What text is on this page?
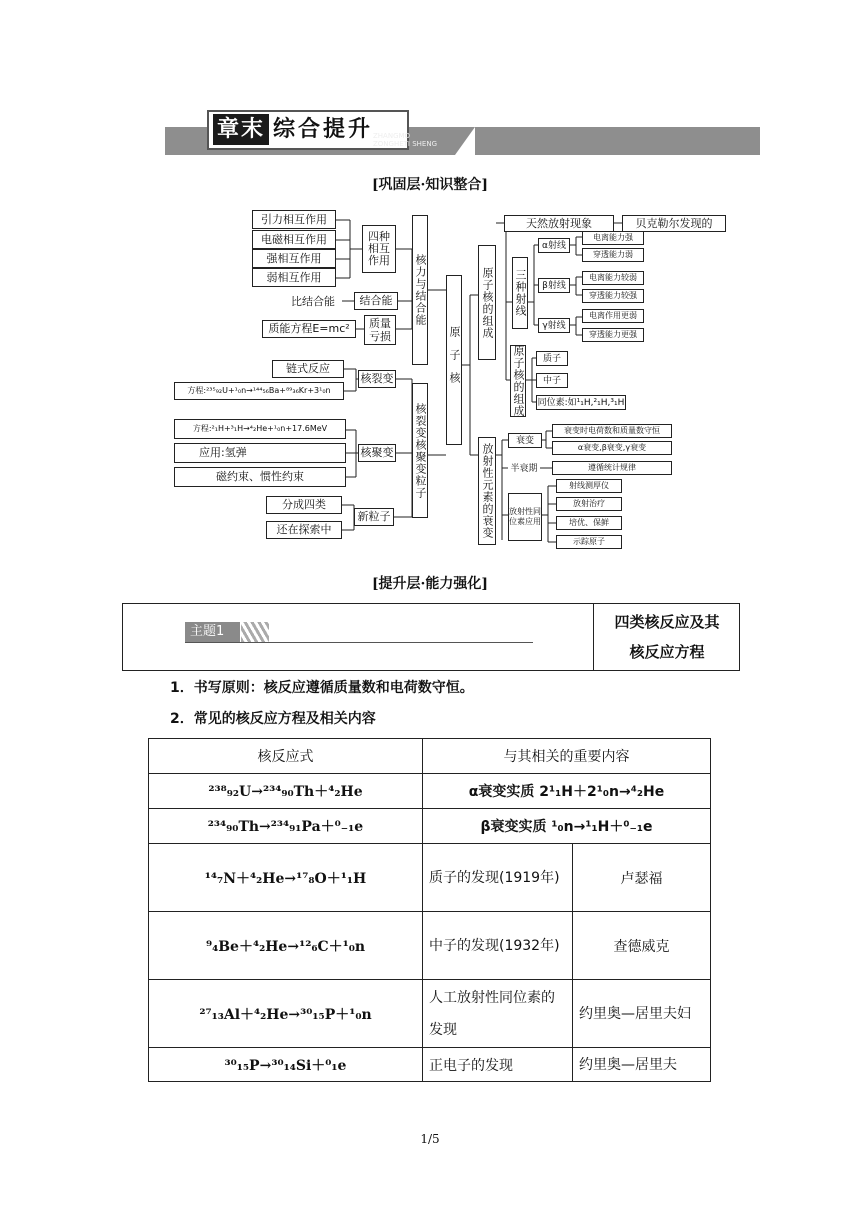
章末 综合提升 ZHANGMO
ZONGHETI SHENG
[巩固层·知识整合]
引力相互作用
电磁相互作用
强相互作用
弱相互作用
四种相互作用
比结合能	结合能
质能方程E=mc²	质量亏损
核力与结合能
链式反应
方程:²³⁵₉₂U+¹₀n→¹⁴⁴₅₆Ba+⁸⁹₃₆Kr+3¹₀n
核裂变
方程:²₁H+³₁H→⁴₂He+¹₀n+17.6MeV
应用:氢弹
磁约束、惯性约束
核聚变
分成四类
还在探索中
新粒子
核裂变核聚变粒子
原子核
原子核的组成
天然放射现象	贝克勒尔发现的
三种射线
α射线
电离能力强
穿透能力弱
β射线
电离能力较弱
穿透能力较强
γ射线
电离作用更弱
穿透能力更强
原子核的组成	质子
中子
同位素:如¹₁H,²₁H,³₁H
放射性元素的衰变
衰变
衰变时电荷数和质量数守恒
α衰变,β衰变,γ衰变
半衰期	遵循统计规律
放射性同位素应用
射线测厚仪
放射治疗
培优、保鲜
示踪原子
[提升层·能力强化]
主题1
四类核反应及其
核反应方程
1．书写原则：核反应遵循质量数和电荷数守恒。
2．常见的核反应方程及相关内容
核反应式	与其相关的重要内容	
²³⁸₉₂U→²³⁴₉₀Th＋⁴₂He	α衰变实质 2¹₁H＋2¹₀n→⁴₂He	
²³⁴₉₀Th→²³⁴₉₁Pa＋⁰₋₁e	β衰变实质 ¹₀n→¹₁H＋⁰₋₁e	
¹⁴₇N＋⁴₂He→¹⁷₈O＋¹₁H	质子的发现(1919年)	卢瑟福
⁹₄Be＋⁴₂He→¹²₆C＋¹₀n	中子的发现(1932年)	查德威克
²⁷₁₃Al＋⁴₂He→³⁰₁₅P＋¹₀n	人工放射性同位素的发现	约里奥—居里夫妇
³⁰₁₅P→³⁰₁₄Si＋⁰₁e	正电子的发现	约里奥—居里夫
1/5
